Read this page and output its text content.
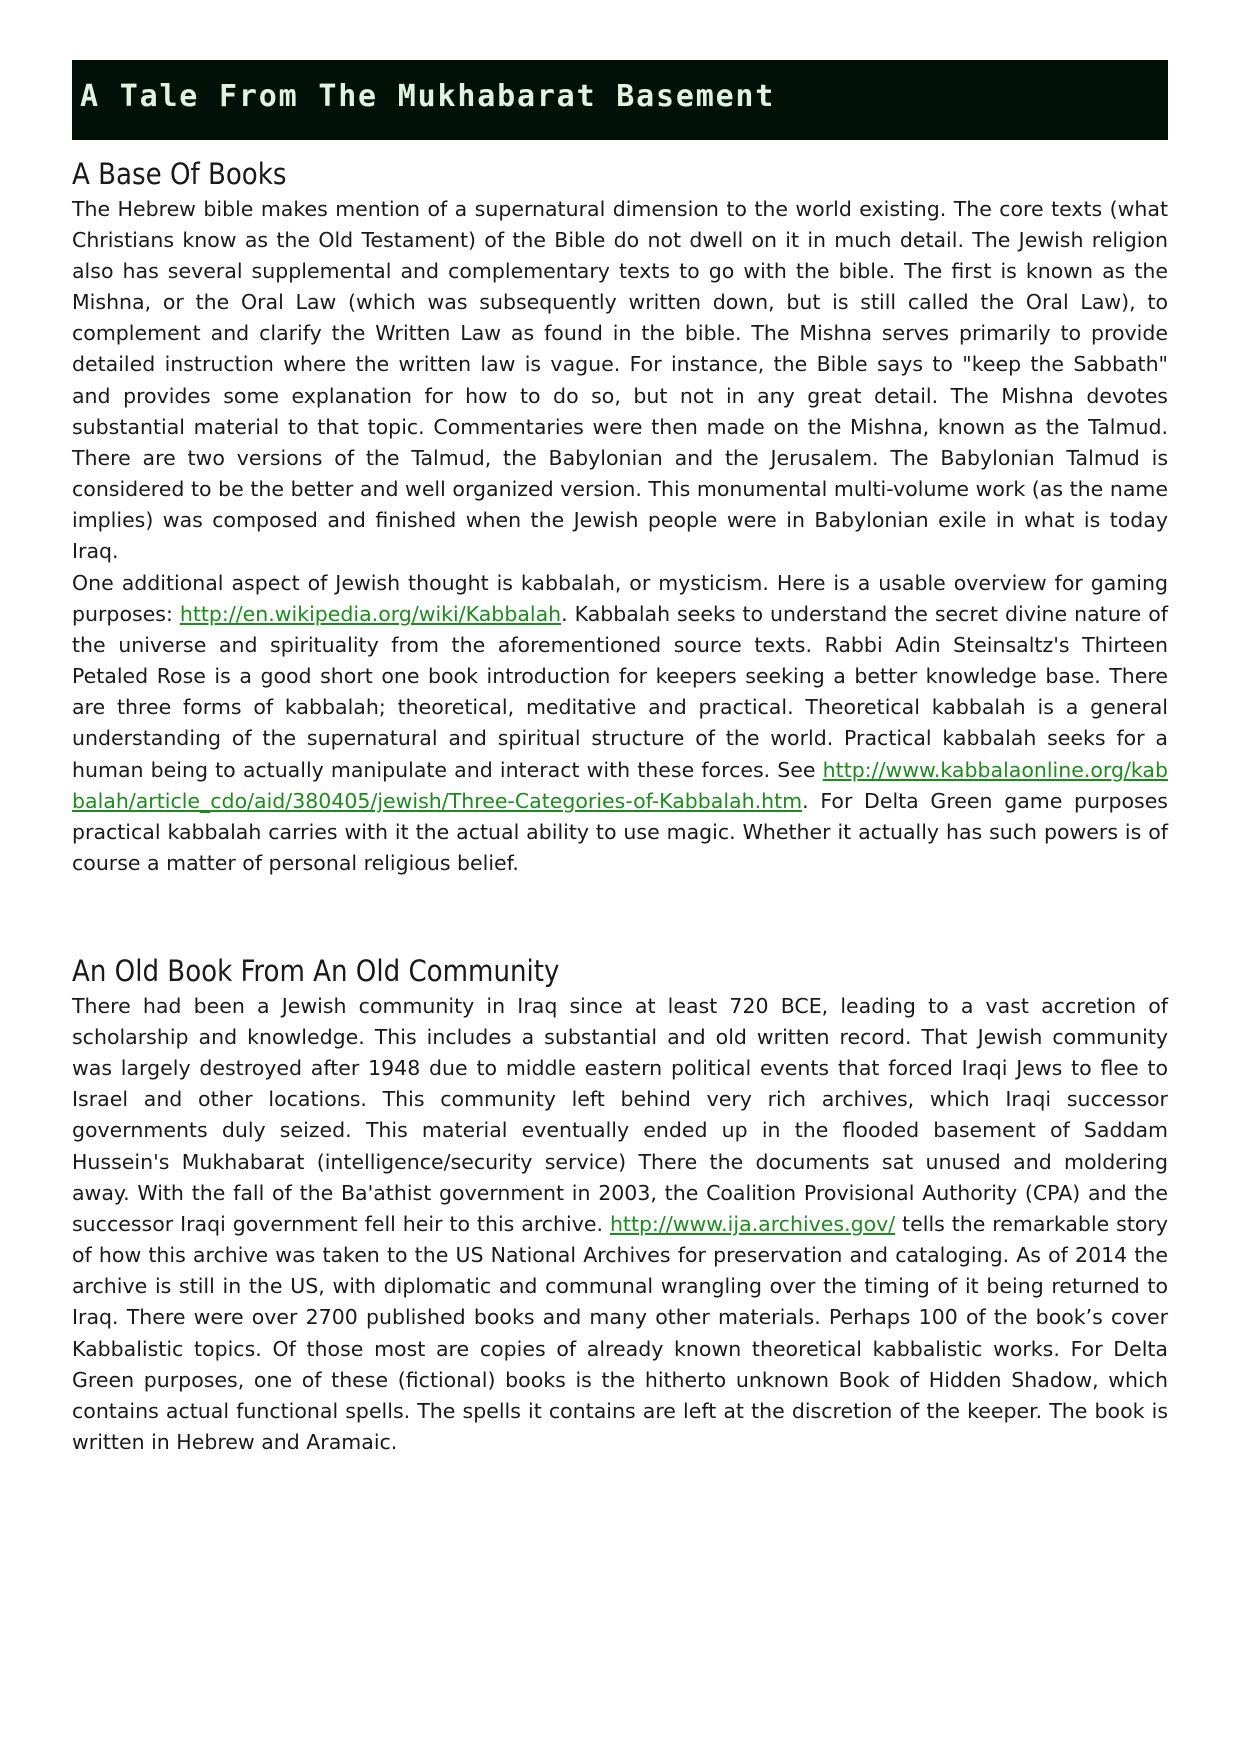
A Tale From The Mukhabarat Basement
A Base Of Books

The Hebrew bible makes mention of a supernatural dimension to the world existing. The core texts (what Christians know as the Old Testament) of the Bible do not dwell on it in much detail. The Jewish religion also has several supplemental and complementary texts to go with the bible. The first is known as the Mishna, or the Oral Law (which was subsequently written down, but is still called the Oral Law), to complement and clarify the Written Law as found in the bible. The Mishna serves primarily to provide detailed instruction where the written law is vague. For instance, the Bible says to "keep the Sabbath" and provides some explanation for how to do so, but not in any great detail. The Mishna devotes substantial material to that topic. Commentaries were then made on the Mishna, known as the Talmud. There are two versions of the Talmud, the Babylonian and the Jerusalem. The Babylonian Talmud is considered to be the better and well organized version. This monumental multi-volume work (as the name implies) was composed and finished when the Jewish people were in Babylonian exile in what is today Iraq.

One additional aspect of Jewish thought is kabbalah, or mysticism. Here is a usable overview for gaming purposes: http://en.wikipedia.org/wiki/Kabbalah. Kabbalah seeks to understand the secret divine nature of the universe and spirituality from the aforementioned source texts. Rabbi Adin Steinsaltz's Thirteen Petaled Rose is a good short one book introduction for keepers seeking a better knowledge base. There are three forms of kabbalah; theoretical, meditative and practical. Theoretical kabbalah is a general understanding of the supernatural and spiritual structure of the world. Practical kabbalah seeks for a human being to actually manipulate and interact with these forces. See http://www.kabbalaonline.org/kabbalah/article_cdo/aid/380405/jewish/Three-Categories-of-Kabbalah.htm. For Delta Green game purposes practical kabbalah carries with it the actual ability to use magic. Whether it actually has such powers is of course a matter of personal religious belief.

An Old Book From An Old Community

There had been a Jewish community in Iraq since at least 720 BCE, leading to a vast accretion of scholarship and knowledge. This includes a substantial and old written record. That Jewish community was largely destroyed after 1948 due to middle eastern political events that forced Iraqi Jews to flee to Israel and other locations. This community left behind very rich archives, which Iraqi successor governments duly seized. This material eventually ended up in the flooded basement of Saddam Hussein's Mukhabarat (intelligence/security service) There the documents sat unused and moldering away. With the fall of the Ba'athist government in 2003, the Coalition Provisional Authority (CPA) and the successor Iraqi government fell heir to this archive. http://www.ija.archives.gov/ tells the remarkable story of how this archive was taken to the US National Archives for preservation and cataloging. As of 2014 the archive is still in the US, with diplomatic and communal wrangling over the timing of it being returned to Iraq. There were over 2700 published books and many other materials. Perhaps 100 of the book’s cover Kabbalistic topics. Of those most are copies of already known theoretical kabbalistic works. For Delta Green purposes, one of these (fictional) books is the hitherto unknown Book of Hidden Shadow, which contains actual functional spells. The spells it contains are left at the discretion of the keeper. The book is written in Hebrew and Aramaic.
